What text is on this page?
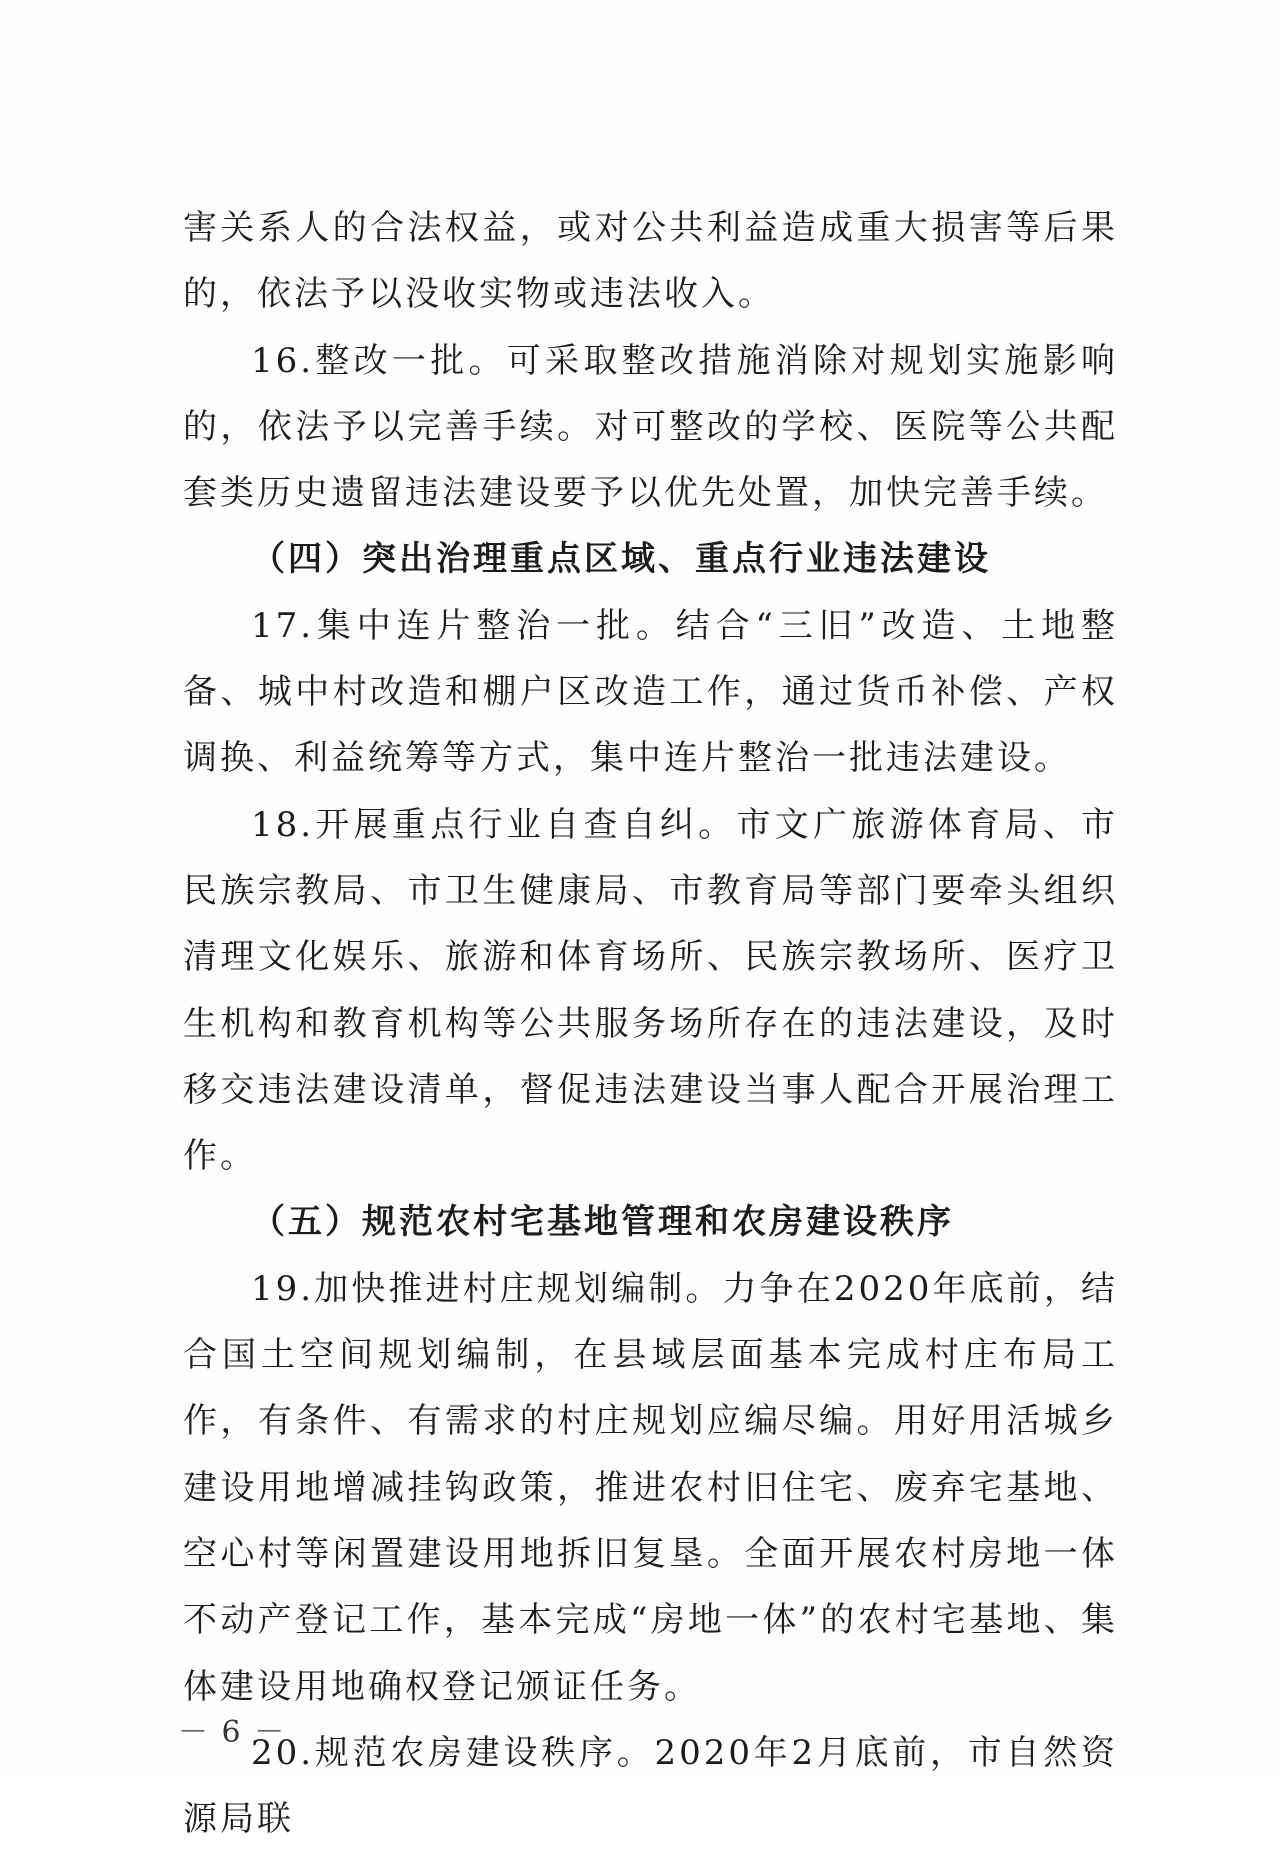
害关系人的合法权益，或对公共利益造成重大损害等后果的，依法予以没收实物或违法收入。

16.整改一批。可采取整改措施消除对规划实施影响的，依法予以完善手续。对可整改的学校、医院等公共配套类历史遗留违法建设要予以优先处置，加快完善手续。

（四）突出治理重点区域、重点行业违法建设

17.集中连片整治一批。结合“三旧”改造、土地整备、城中村改造和棚户区改造工作，通过货币补偿、产权调换、利益统筹等方式，集中连片整治一批违法建设。

18.开展重点行业自查自纠。市文广旅游体育局、市民族宗教局、市卫生健康局、市教育局等部门要牵头组织清理文化娱乐、旅游和体育场所、民族宗教场所、医疗卫生机构和教育机构等公共服务场所存在的违法建设，及时移交违法建设清单，督促违法建设当事人配合开展治理工作。

（五）规范农村宅基地管理和农房建设秩序

19.加快推进村庄规划编制。力争在2020年底前，结合国土空间规划编制，在县域层面基本完成村庄布局工作，有条件、有需求的村庄规划应编尽编。用好用活城乡建设用地增减挂钩政策，推进农村旧住宅、废弃宅基地、空心村等闲置建设用地拆旧复垦。全面开展农村房地一体不动产登记工作，基本完成“房地一体”的农村宅基地、集体建设用地确权登记颁证任务。

20.规范农房建设秩序。2020年2月底前，市自然资源局联

－ 6 －
